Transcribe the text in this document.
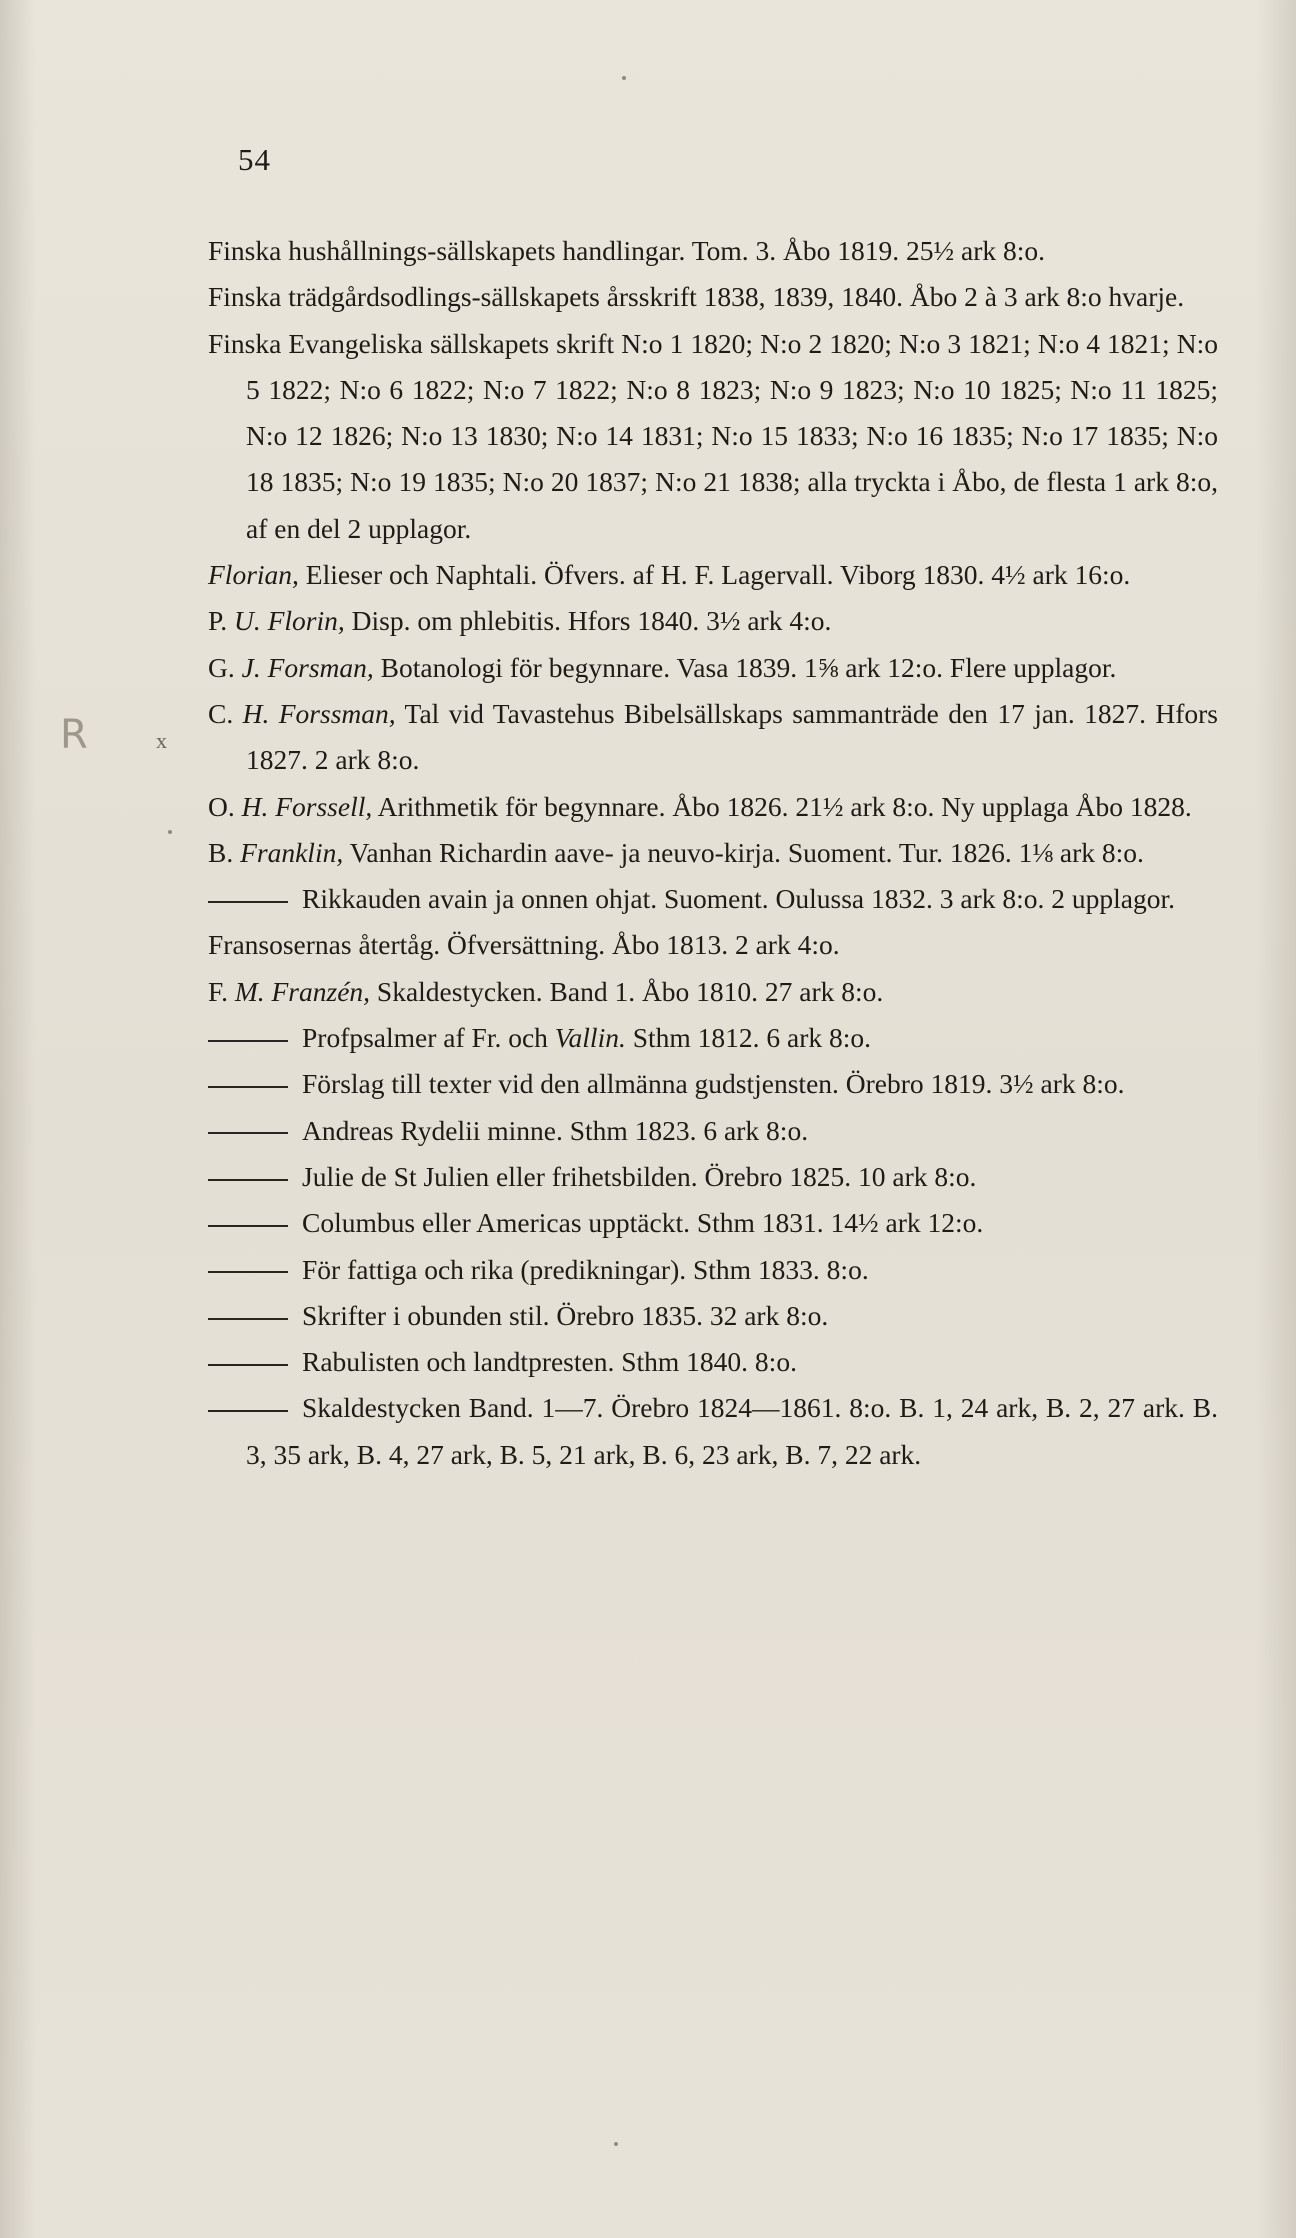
54
R	x

Finska hushållnings-sällskapets handlingar. Tom. 3. Åbo 1819. 25½ ark 8:o.

Finska trädgårdsodlings-sällskapets årsskrift 1838, 1839, 1840. Åbo 2 à 3 ark 8:o hvarje.

Finska Evangeliska sällskapets skrift N:o 1 1820; N:o 2 1820; N:o 3 1821; N:o 4 1821; N:o 5 1822; N:o 6 1822; N:o 7 1822; N:o 8 1823; N:o 9 1823; N:o 10 1825; N:o 11 1825; N:o 12 1826; N:o 13 1830; N:o 14 1831; N:o 15 1833; N:o 16 1835; N:o 17 1835; N:o 18 1835; N:o 19 1835; N:o 20 1837; N:o 21 1838; alla tryckta i Åbo, de flesta 1 ark 8:o, af en del 2 upplagor.

Florian, Elieser och Naphtali. Öfvers. af H. F. Lagervall. Viborg 1830. 4½ ark 16:o.

P. U. Florin, Disp. om phlebitis. Hfors 1840. 3½ ark 4:o.

G. J. Forsman, Botanologi för begynnare. Vasa 1839. 1⅝ ark 12:o. Flere upplagor.

C. H. Forssman, Tal vid Tavastehus Bibelsällskaps sammanträde den 17 jan. 1827. Hfors 1827. 2 ark 8:o.

O. H. Forssell, Arithmetik för begynnare. Åbo 1826. 21½ ark 8:o. Ny upplaga Åbo 1828.

B. Franklin, Vanhan Richardin aave- ja neuvo-kirja. Suoment. Tur. 1826. 1⅛ ark 8:o.

Rikkauden avain ja onnen ohjat. Suoment. Oulussa 1832. 3 ark 8:o. 2 upplagor.

Fransosernas återtåg. Öfversättning. Åbo 1813. 2 ark 4:o.

F. M. Franzén, Skaldestycken. Band 1. Åbo 1810. 27 ark 8:o.

Profpsalmer af Fr. och Vallin. Sthm 1812. 6 ark 8:o.

Förslag till texter vid den allmänna gudstjensten. Örebro 1819. 3½ ark 8:o.

Andreas Rydelii minne. Sthm 1823. 6 ark 8:o.

Julie de St Julien eller frihetsbilden. Örebro 1825. 10 ark 8:o.

Columbus eller Americas upptäckt. Sthm 1831. 14½ ark 12:o.

För fattiga och rika (predikningar). Sthm 1833. 8:o.

Skrifter i obunden stil. Örebro 1835. 32 ark 8:o.

Rabulisten och landtpresten. Sthm 1840. 8:o.

Skaldestycken Band. 1—7. Örebro 1824—1861. 8:o. B. 1, 24 ark, B. 2, 27 ark. B. 3, 35 ark, B. 4, 27 ark, B. 5, 21 ark, B. 6, 23 ark, B. 7, 22 ark.
